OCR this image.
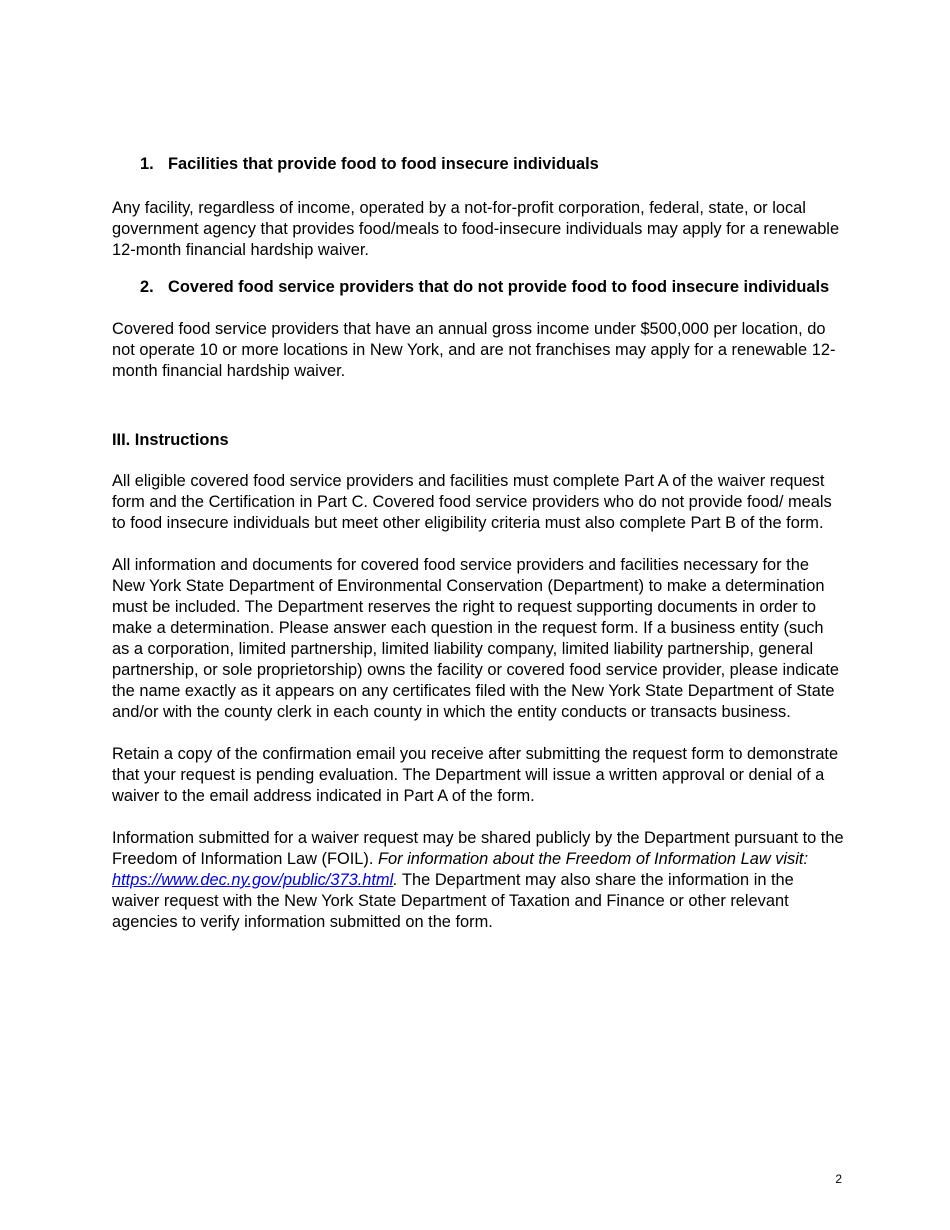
1. Facilities that provide food to food insecure individuals

Any facility, regardless of income, operated by a not-for-profit corporation, federal, state, or local government agency that provides food/meals to food-insecure individuals may apply for a renewable 12-month financial hardship waiver.

2. Covered food service providers that do not provide food to food insecure individuals

Covered food service providers that have an annual gross income under $500,000 per location, do not operate 10 or more locations in New York, and are not franchises may apply for a renewable 12-month financial hardship waiver.

III. Instructions

All eligible covered food service providers and facilities must complete Part A of the waiver request form and the Certification in Part C. Covered food service providers who do not provide food/ meals to food insecure individuals but meet other eligibility criteria must also complete Part B of the form.

All information and documents for covered food service providers and facilities necessary for the New York State Department of Environmental Conservation (Department) to make a determination must be included. The Department reserves the right to request supporting documents in order to make a determination. Please answer each question in the request form. If a business entity (such as a corporation, limited partnership, limited liability company, limited liability partnership, general partnership, or sole proprietorship) owns the facility or covered food service provider, please indicate the name exactly as it appears on any certificates filed with the New York State Department of State and/or with the county clerk in each county in which the entity conducts or transacts business.

Retain a copy of the confirmation email you receive after submitting the request form to demonstrate that your request is pending evaluation. The Department will issue a written approval or denial of a waiver to the email address indicated in Part A of the form.

Information submitted for a waiver request may be shared publicly by the Department pursuant to the Freedom of Information Law (FOIL). For information about the Freedom of Information Law visit: https://www.dec.ny.gov/public/373.html. The Department may also share the information in the waiver request with the New York State Department of Taxation and Finance or other relevant agencies to verify information submitted on the form.

2
